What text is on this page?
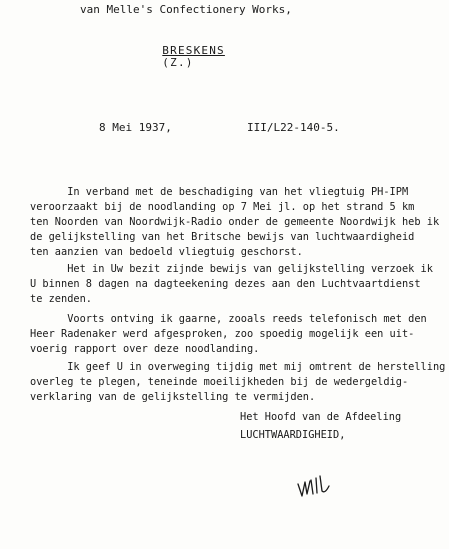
van Melle's Confectionery Works,

BRESKENS
(Z.)

8 Mei 1937,	III/L22-140-5.
In verband met de beschadiging van het vliegtuig PH-IPM
veroorzaakt bij de noodlanding op 7 Mei jl. op het strand 5 km
ten Noorden van Noordwijk-Radio onder de gemeente Noordwijk heb ik
de gelijkstelling van het Britsche bewijs van luchtwaardigheid
ten aanzien van bedoeld vliegtuig geschorst.
Het in Uw bezit zijnde bewijs van gelijkstelling verzoek ik
U binnen 8 dagen na dagteekening dezes aan den Luchtvaartdienst
te zenden.
Voorts ontving ik gaarne, zooals reeds telefonisch met den
Heer Radenaker werd afgesproken, zoo spoedig mogelijk een uit-
voerig rapport over deze noodlanding.
Ik geef U in overweging tijdig met mij omtrent de herstelling
overleg te plegen, teneinde moeilijkheden bij de wedergeldig-
verklaring van de gelijkstelling te vermijden.
Het Hoofd van de Afdeeling
LUCHTWAARDIGHEID,
